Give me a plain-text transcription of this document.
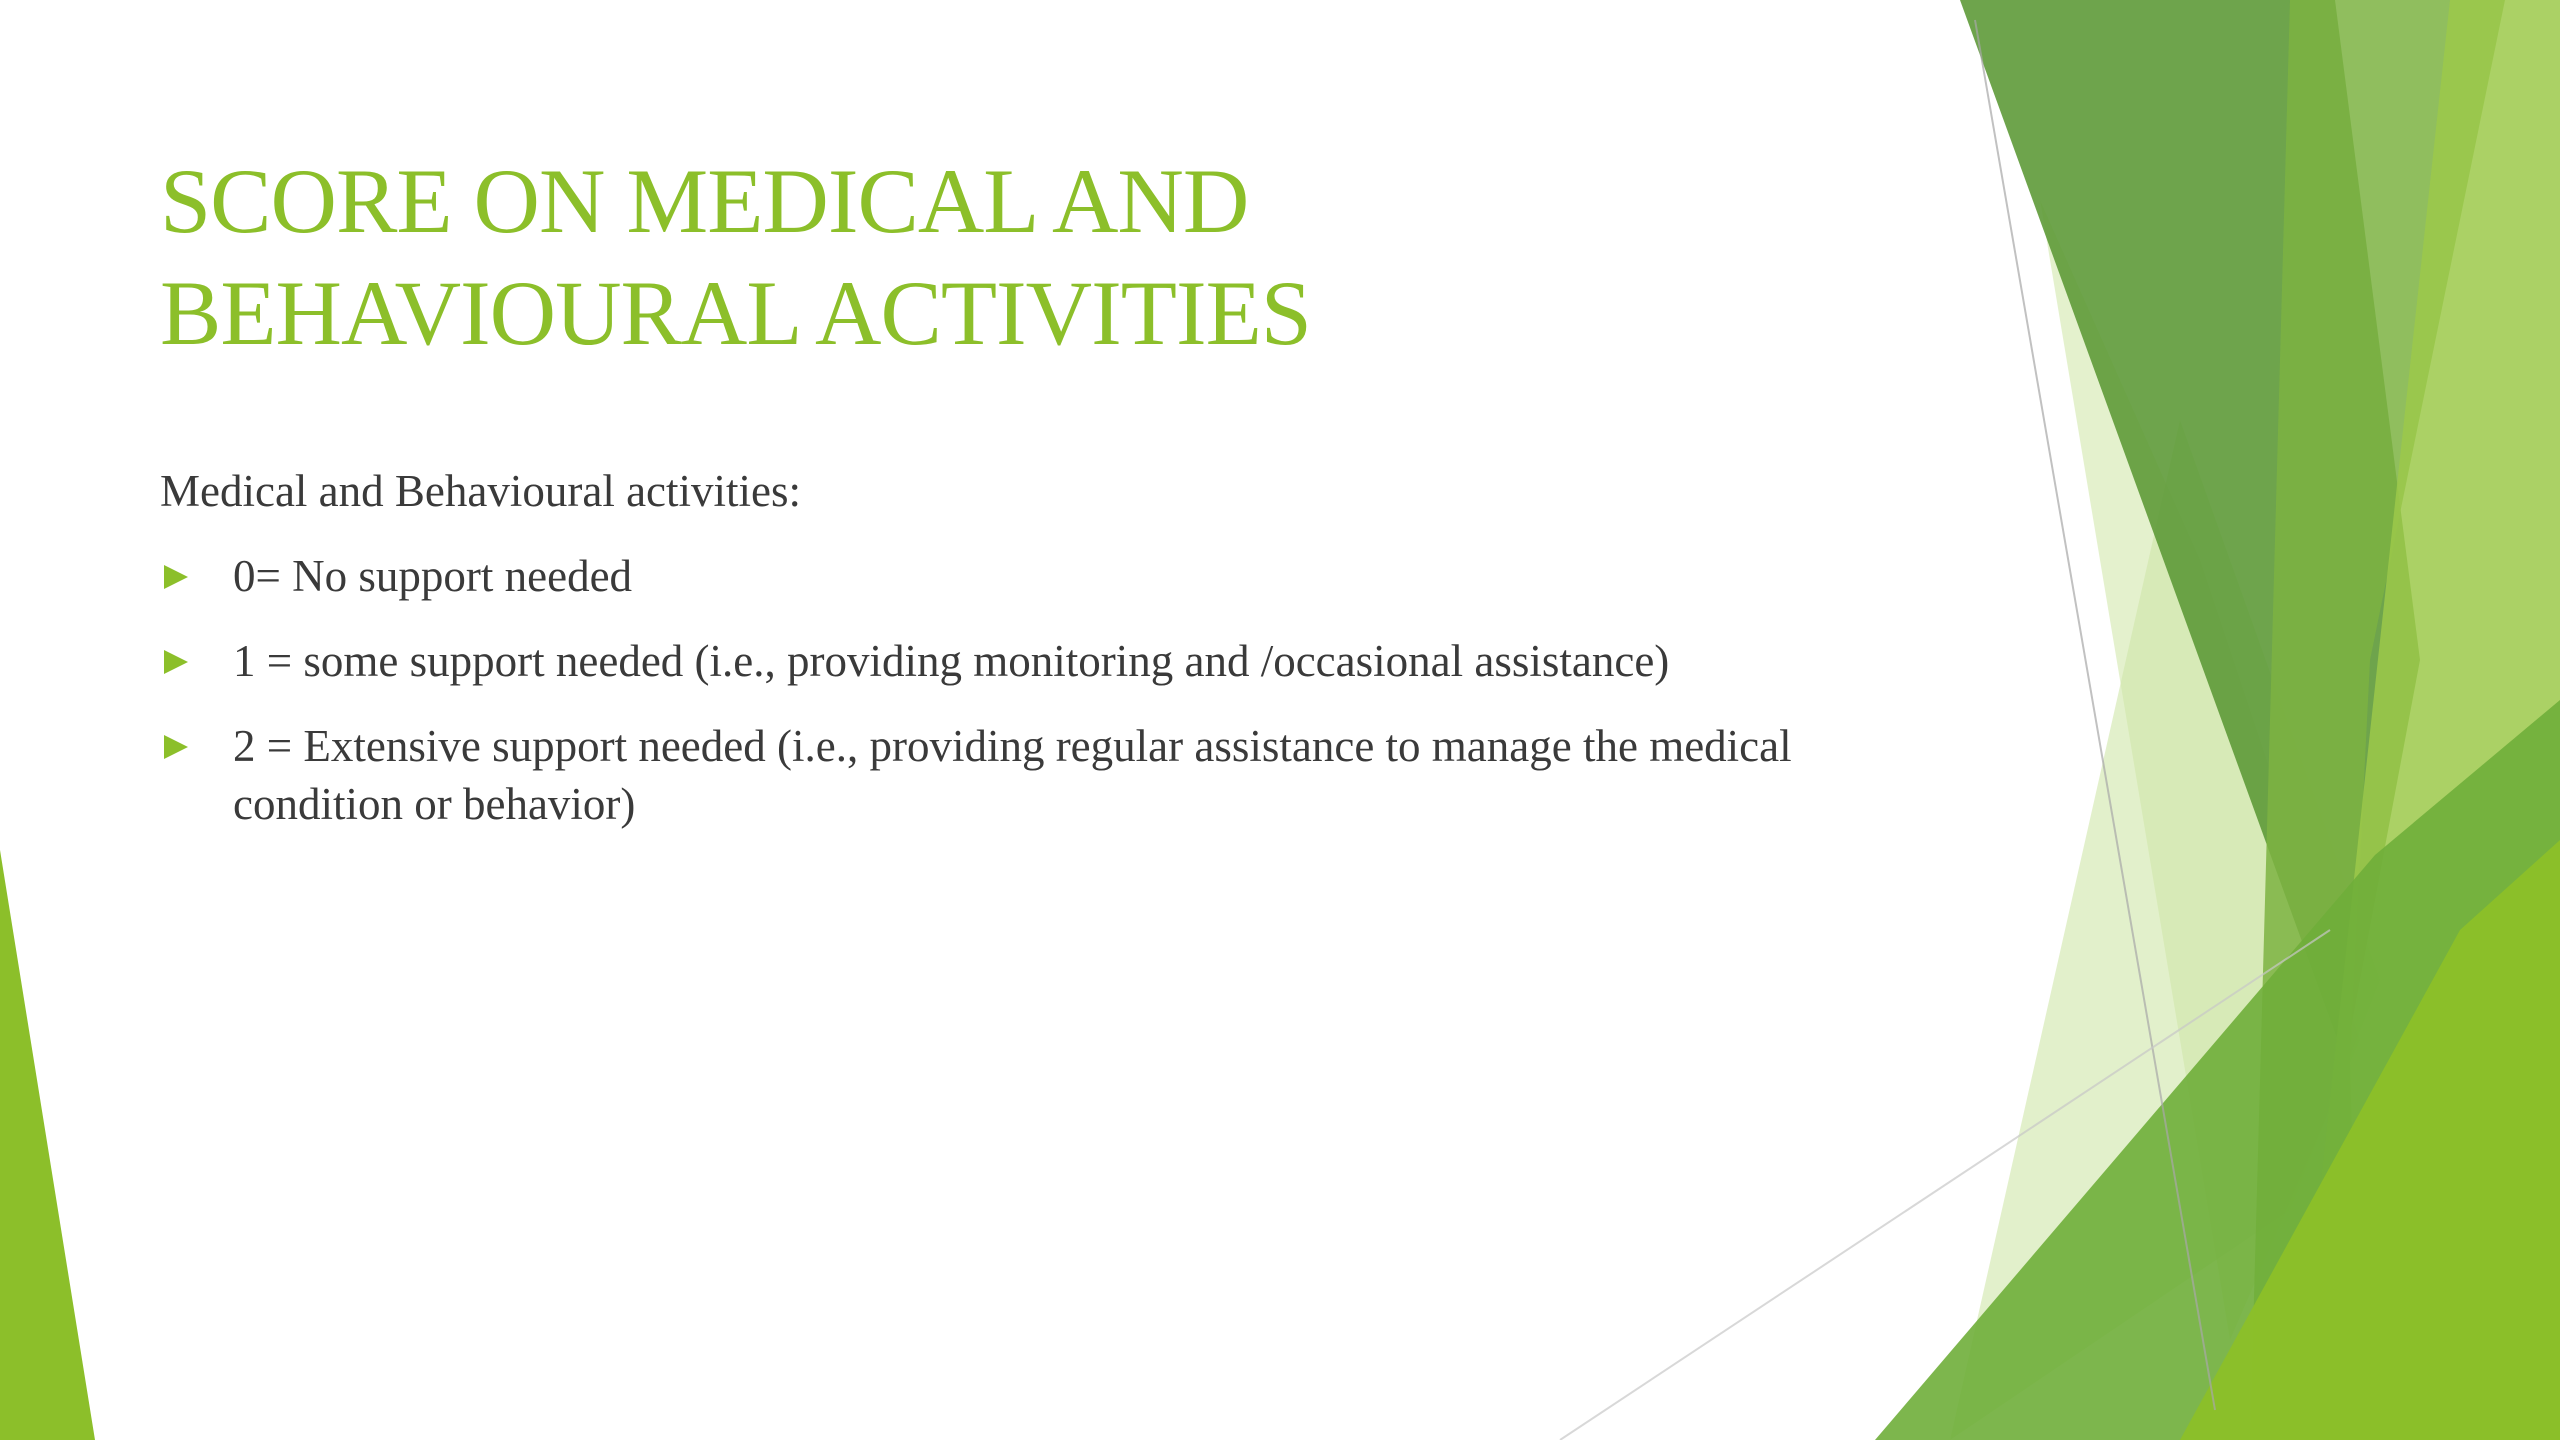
SCORE ON MEDICAL AND
BEHAVIOURAL ACTIVITIES

Medical and Behavioural activities:

0= No support needed
1 = some support needed (i.e., providing monitoring and /occasional assistance)
2 = Extensive support needed (i.e., providing regular assistance to manage the medical condition or behavior)
